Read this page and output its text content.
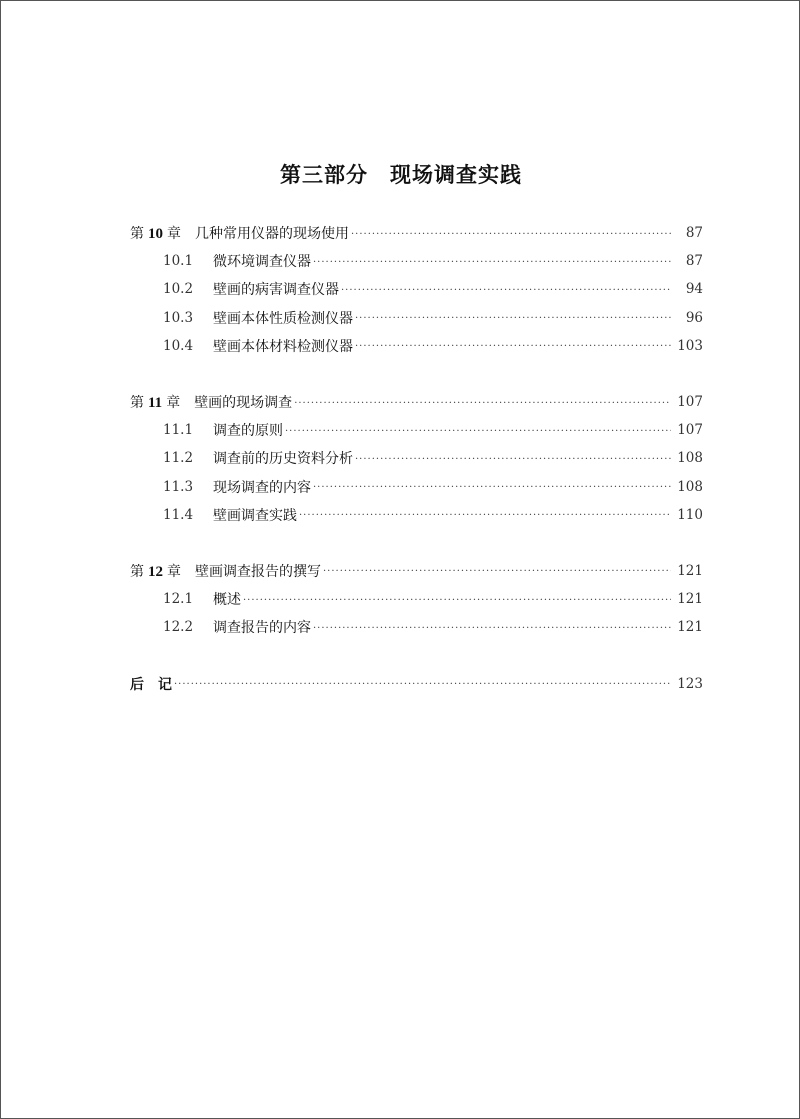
第三部分　现场调查实践
第 10 章 几种常用仪器的现场使用 ·····	87
10.1	微环境调查仪器 ·····	87
10.2	壁画的病害调查仪器 ·····	94
10.3	壁画本体性质检测仪器 ·····	96
10.4	壁画本体材料检测仪器 ·····	103
第 11 章 壁画的现场调查 ·····	107
11.1	调查的原则 ·····	107
11.2	调查前的历史资料分析 ·····	108
11.3	现场调查的内容 ·····	108
11.4	壁画调查实践 ·····	110
第 12 章 壁画调查报告的撰写 ·····	121
12.1	概述 ·····	121
12.2	调查报告的内容 ·····	121
后　记 ·····	123
